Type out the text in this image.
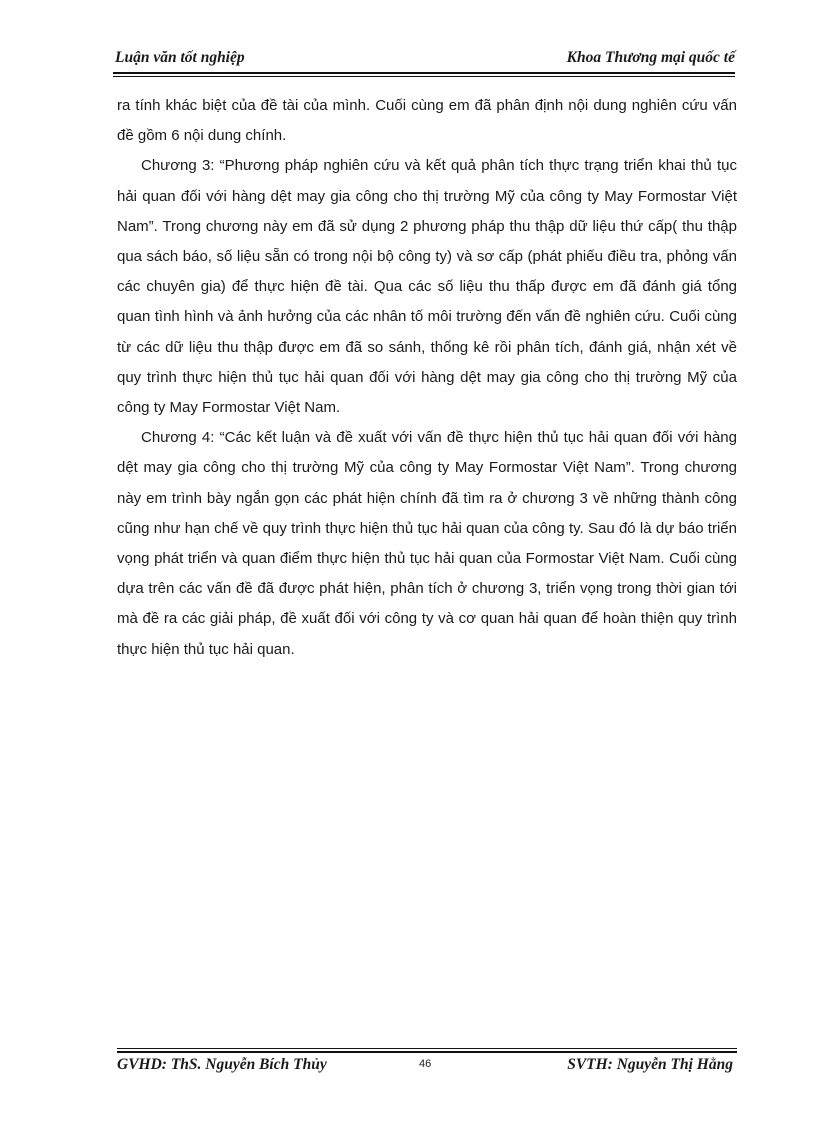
Luận văn tốt nghiệp	Khoa Thương mại quốc tế

ra tính khác biệt của đề tài của mình. Cuối cùng em đã phân định nội dung nghiên cứu vấn đề gồm 6 nội dung chính.

Chương 3: “Phương pháp nghiên cứu và kết quả phân tích thực trạng triển khai thủ tục hải quan đối với hàng dệt may gia công cho thị trường Mỹ của công ty May Formostar Việt Nam”. Trong chương này em đã sử dụng 2 phương pháp thu thập dữ liệu thứ cấp( thu thập qua sách báo, số liệu sẵn có trong nội bộ công ty) và sơ cấp (phát phiếu điều tra, phỏng vấn các chuyên gia) để thực hiện đề tài. Qua các số liệu thu thấp được em đã đánh giá tổng quan tình hình và ảnh hưởng của các nhân tố môi trường đến vấn đề nghiên cứu. Cuối cùng từ các dữ liệu thu thập được em đã so sánh, thống kê rồi phân tích, đánh giá, nhận xét về quy trình thực hiện thủ tục hải quan đối với hàng dệt may gia công cho thị trường Mỹ của công ty May Formostar Việt Nam.

Chương 4: “Các kết luận và đề xuất với vấn đề thực hiện thủ tục hải quan đối với hàng dệt may gia công cho thị trường Mỹ của công ty May Formostar Việt Nam”. Trong chương này em trình bày ngắn gọn các phát hiện chính đã tìm ra ở chương 3 về những thành công cũng như hạn chế về quy trình thực hiện thủ tục hải quan của công ty. Sau đó là dự báo triển vọng phát triển và quan điểm thực hiện thủ tục hải quan của Formostar Việt Nam. Cuối cùng dựa trên các vấn đề đã được phát hiện, phân tích ở chương 3, triển vọng trong thời gian tới mà đề ra các giải pháp, đề xuất đối với công ty và cơ quan hải quan để hoàn thiện quy trình thực hiện thủ tục hải quan.

GVHD: ThS. Nguyễn Bích Thủy	46	SVTH: Nguyễn Thị Hằng
